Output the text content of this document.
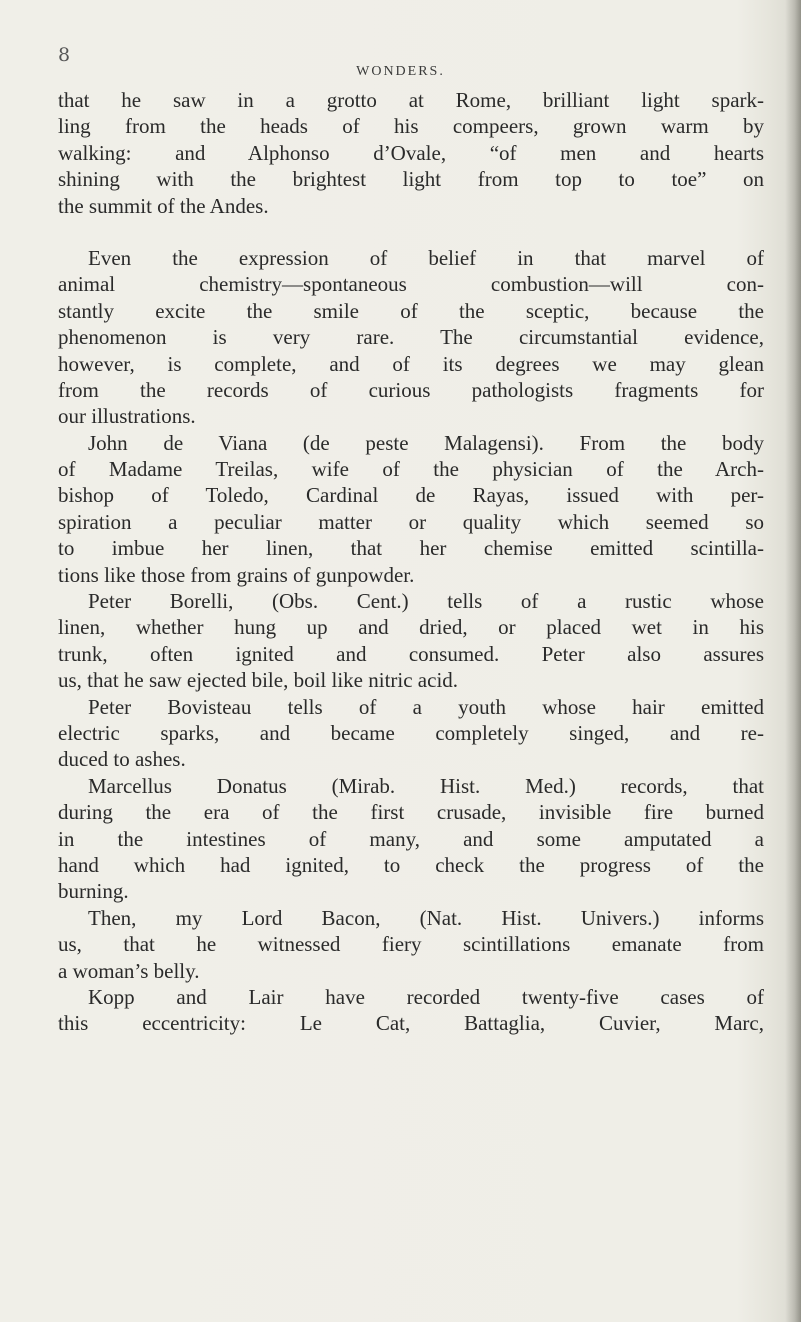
8
WONDERS.
that he saw in a grotto at Rome, brilliant light spark-
ling from the heads of his compeers, grown warm by
walking: and Alphonso d’Ovale, “of men and hearts
shining with the brightest light from top to toe” on
the summit of the Andes.
Even the expression of belief in that marvel of
animal chemistry—spontaneous combustion—will con-
stantly excite the smile of the sceptic, because the
phenomenon is very rare. The circumstantial evidence,
however, is complete, and of its degrees we may glean
from the records of curious pathologists fragments for
our illustrations.
John de Viana (de peste Malagensi). From the body
of Madame Treilas, wife of the physician of the Arch-
bishop of Toledo, Cardinal de Rayas, issued with per-
spiration a peculiar matter or quality which seemed so
to imbue her linen, that her chemise emitted scintilla-
tions like those from grains of gunpowder.
Peter Borelli, (Obs. Cent.) tells of a rustic whose
linen, whether hung up and dried, or placed wet in his
trunk, often ignited and consumed. Peter also assures
us, that he saw ejected bile, boil like nitric acid.
Peter Bovisteau tells of a youth whose hair emitted
electric sparks, and became completely singed, and re-
duced to ashes.
Marcellus Donatus (Mirab. Hist. Med.) records, that
during the era of the first crusade, invisible fire burned
in the intestines of many, and some amputated a
hand which had ignited, to check the progress of the
burning.
Then, my Lord Bacon, (Nat. Hist. Univers.) informs
us, that he witnessed fiery scintillations emanate from
a woman’s belly.
Kopp and Lair have recorded twenty-five cases of
this eccentricity: Le Cat, Battaglia, Cuvier, Marc,
